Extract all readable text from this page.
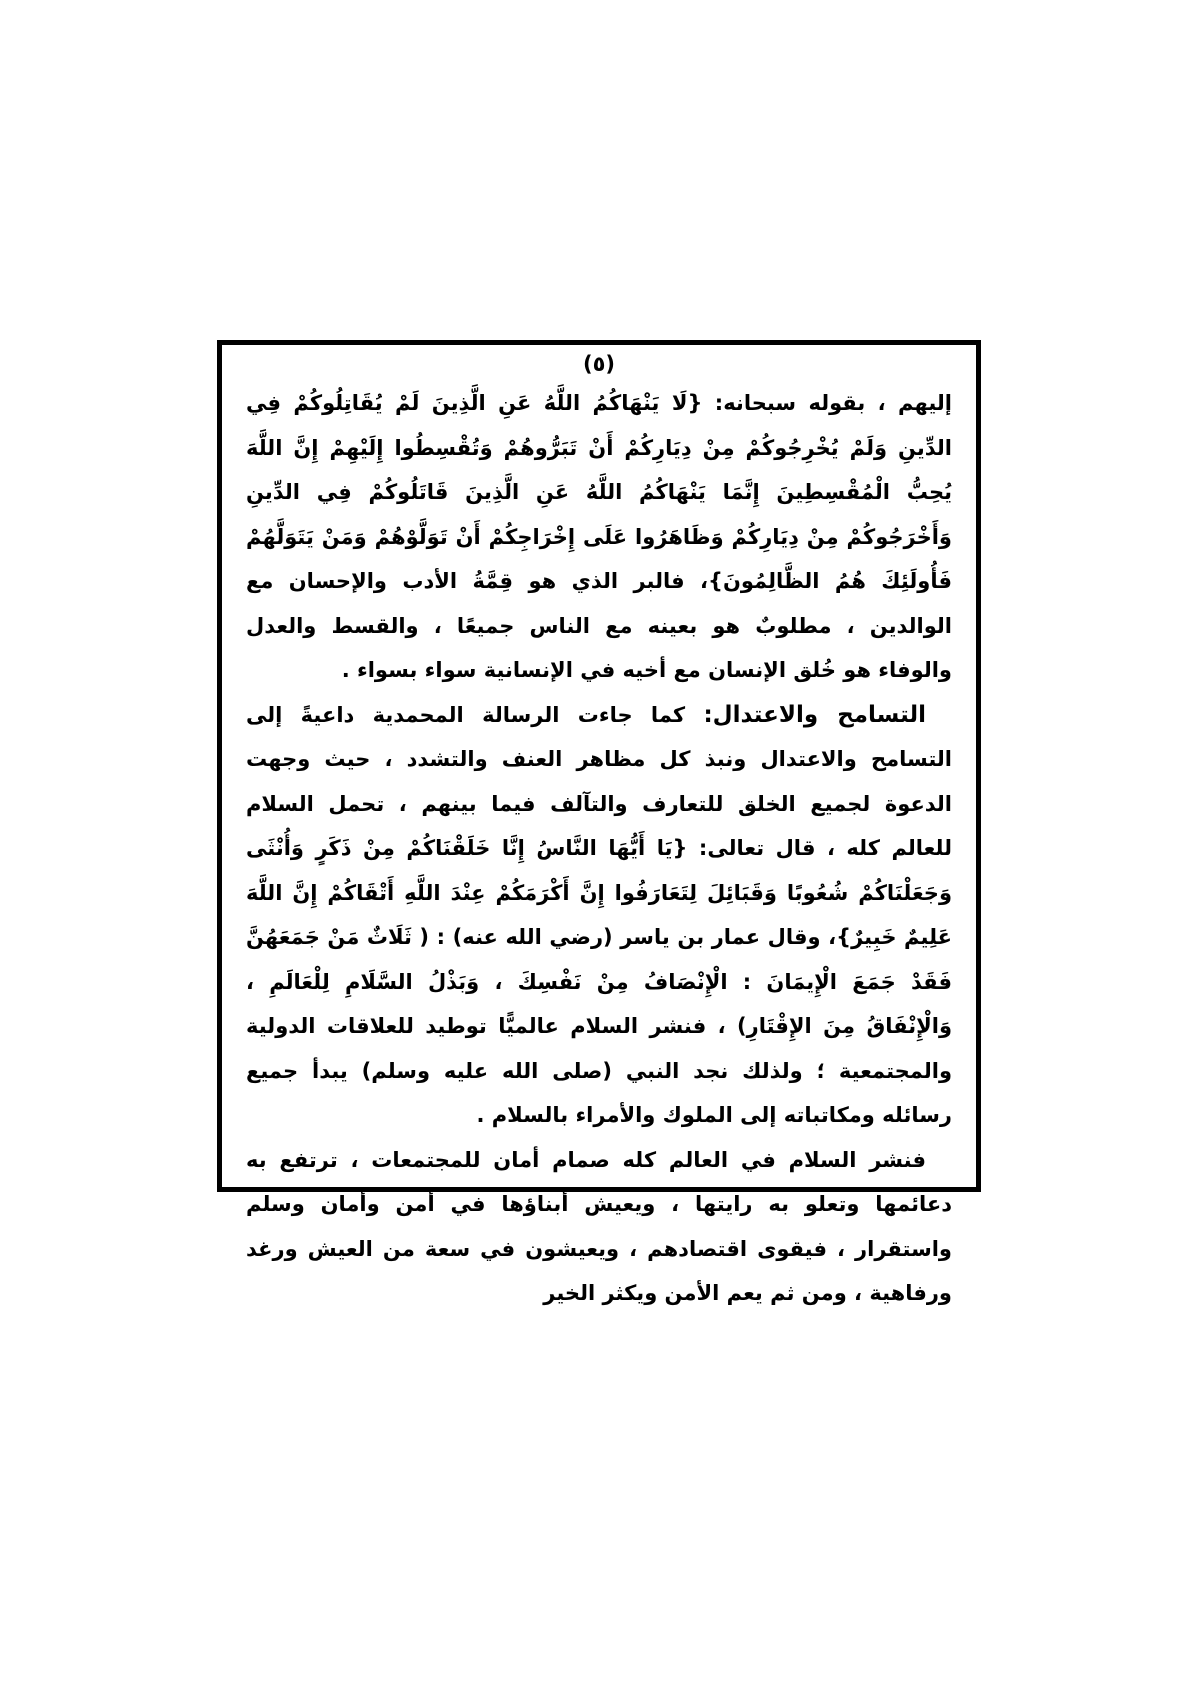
(٥)

إليهم ، بقوله سبحانه: {لَا يَنْهَاكُمُ اللَّهُ عَنِ الَّذِينَ لَمْ يُقَاتِلُوكُمْ فِي الدِّينِ وَلَمْ يُخْرِجُوكُمْ مِنْ دِيَارِكُمْ أَنْ تَبَرُّوهُمْ وَتُقْسِطُوا إِلَيْهِمْ إِنَّ اللَّهَ يُحِبُّ الْمُقْسِطِينَ إِنَّمَا يَنْهَاكُمُ اللَّهُ عَنِ الَّذِينَ قَاتَلُوكُمْ فِي الدِّينِ وَأَخْرَجُوكُمْ مِنْ دِيَارِكُمْ وَظَاهَرُوا عَلَى إِخْرَاجِكُمْ أَنْ تَوَلَّوْهُمْ وَمَنْ يَتَوَلَّهُمْ فَأُولَئِكَ هُمُ الظَّالِمُونَ}، فالبر الذي هو قِمَّةُ الأدب والإحسان مع الوالدين ، مطلوبٌ هو بعينه مع الناس جميعًا ، والقسط والعدل والوفاء هو خُلق الإنسان مع أخيه في الإنسانية سواء بسواء .

التسامح والاعتدال: كما جاءت الرسالة المحمدية داعيةً إلى التسامح والاعتدال ونبذ كل مظاهر العنف والتشدد ، حيث وجهت الدعوة لجميع الخلق للتعارف والتآلف فيما بينهم ، تحمل السلام للعالم كله ، قال تعالى: {يَا أَيُّهَا النَّاسُ إِنَّا خَلَقْنَاكُمْ مِنْ ذَكَرٍ وَأُنْثَى وَجَعَلْنَاكُمْ شُعُوبًا وَقَبَائِلَ لِتَعَارَفُوا إِنَّ أَكْرَمَكُمْ عِنْدَ اللَّهِ أَتْقَاكُمْ إِنَّ اللَّهَ عَلِيمٌ خَبِيرٌ}، وقال عمار بن ياسر (رضي الله عنه) : ( ثَلَاثٌ مَنْ جَمَعَهُنَّ فَقَدْ جَمَعَ الْإِيمَانَ : الْإِنْصَافُ مِنْ نَفْسِكَ ، وَبَذْلُ السَّلَامِ لِلْعَالَمِ ، وَالْإِنْفَاقُ مِنَ الإِقْتَارِ) ، فنشر السلام عالميًّا توطيد للعلاقات الدولية والمجتمعية ؛ ولذلك نجد النبي (صلى الله عليه وسلم) يبدأ جميع رسائله ومكاتباته إلى الملوك والأمراء بالسلام .

فنشر السلام في العالم كله صمام أمان للمجتمعات ، ترتفع به دعائمها وتعلو به رايتها ، ويعيش أبناؤها في أمن وأمان وسلم واستقرار ، فيقوى اقتصادهم ، ويعيشون في سعة من العيش ورغد ورفاهية ، ومن ثم يعم الأمن ويكثر الخير
